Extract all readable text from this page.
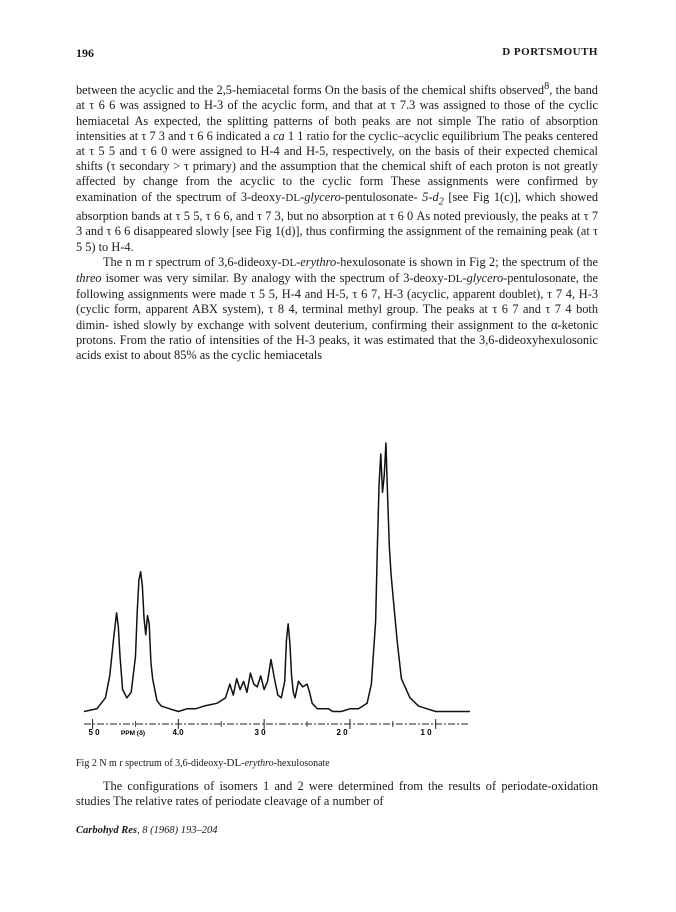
196	D PORTSMOUTH

between the acyclic and the 2,5-hemiacetal forms On the basis of the chemical shifts observed$^8$, the band at τ 6 6 was assigned to H-3 of the acyclic form, and that at τ 7.3 was assigned to those of the cyclic hemiacetal As expected, the splitting patterns of both peaks are not simple The ratio of absorption intensities at τ 7 3 and τ 6 6 indicated a ca 1 1 ratio for the cyclic–acyclic equilibrium The peaks centered at τ 5 5 and τ 6 0 were assigned to H-4 and H-5, respectively, on the basis of their expected chemical shifts (τ secondary > τ primary) and the assumption that the chemical shift of each proton is not greatly affected by change from the acyclic to the cyclic form These assignments were confirmed by examination of the spectrum of 3-deoxy-DL-glycero-pentulosonate- $5-d_2$ [see Fig 1(c)], which showed absorption bands at τ 5 5, τ 6 6, and τ 7 3, but no absorption at τ 6 0 As noted previously, the peaks at τ 7 3 and τ 6 6 disappeared slowly [see Fig 1(d)], thus confirming the assignment of the remaining peak (at τ 5 5) to H-4.

The n m r spectrum of 3,6-dideoxy-DL-erythro-hexulosonate is shown in Fig 2; the spectrum of the threo isomer was very similar. By analogy with the spectrum of 3-deoxy-DL-glycero-pentulosonate, the following assignments were made τ 5 5, H-4 and H-5, τ 6 7, H-3 (acyclic, apparent doublet), τ 7 4, H-3 (cyclic form, apparent ABX system), τ 8 4, terminal methyl group. The peaks at τ 6 7 and τ 7 4 both dimin- ished slowly by exchange with solvent deuterium, confirming their assignment to the α-ketonic protons. From the ratio of intensities of the H-3 peaks, it was estimated that the 3,6-dideoxyhexulosonic acids exist to about 85% as the cyclic hemiacetals

5 0	PPM (δ)	4.0	3 0	2 0	1 0
Fig 2 N m r spectrum of 3,6-dideoxy-DL-erythro-hexulosonate

The configurations of isomers 1 and 2 were determined from the results of periodate-oxidation studies The relative rates of periodate cleavage of a number of

Carbohyd Res, 8 (1968) 193–204
